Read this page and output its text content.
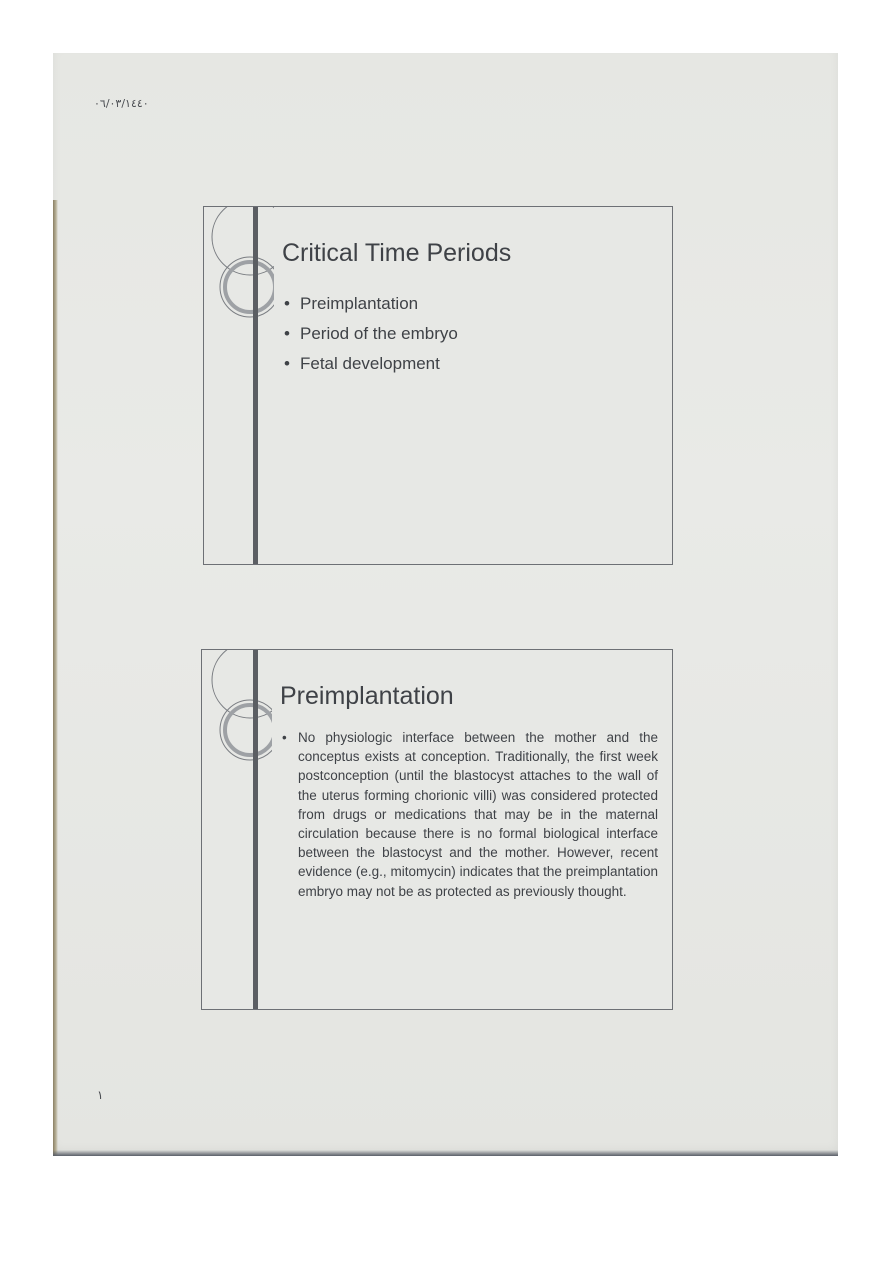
٠٦/٠٣/١٤٤٠
Critical Time Periods
• Preimplantation
• Period of the embryo
• Fetal development
Preimplantation
• No physiologic interface between the mother and the conceptus exists at conception. Traditionally, the first week postconception (until the blastocyst attaches to the wall of the uterus forming chorionic villi) was considered protected from drugs or medications that may be in the maternal circulation because there is no formal biological interface between the blastocyst and the mother. However, recent evidence (e.g., mitomycin) indicates that the preimplantation embryo may not be as protected as previously thought.
١
